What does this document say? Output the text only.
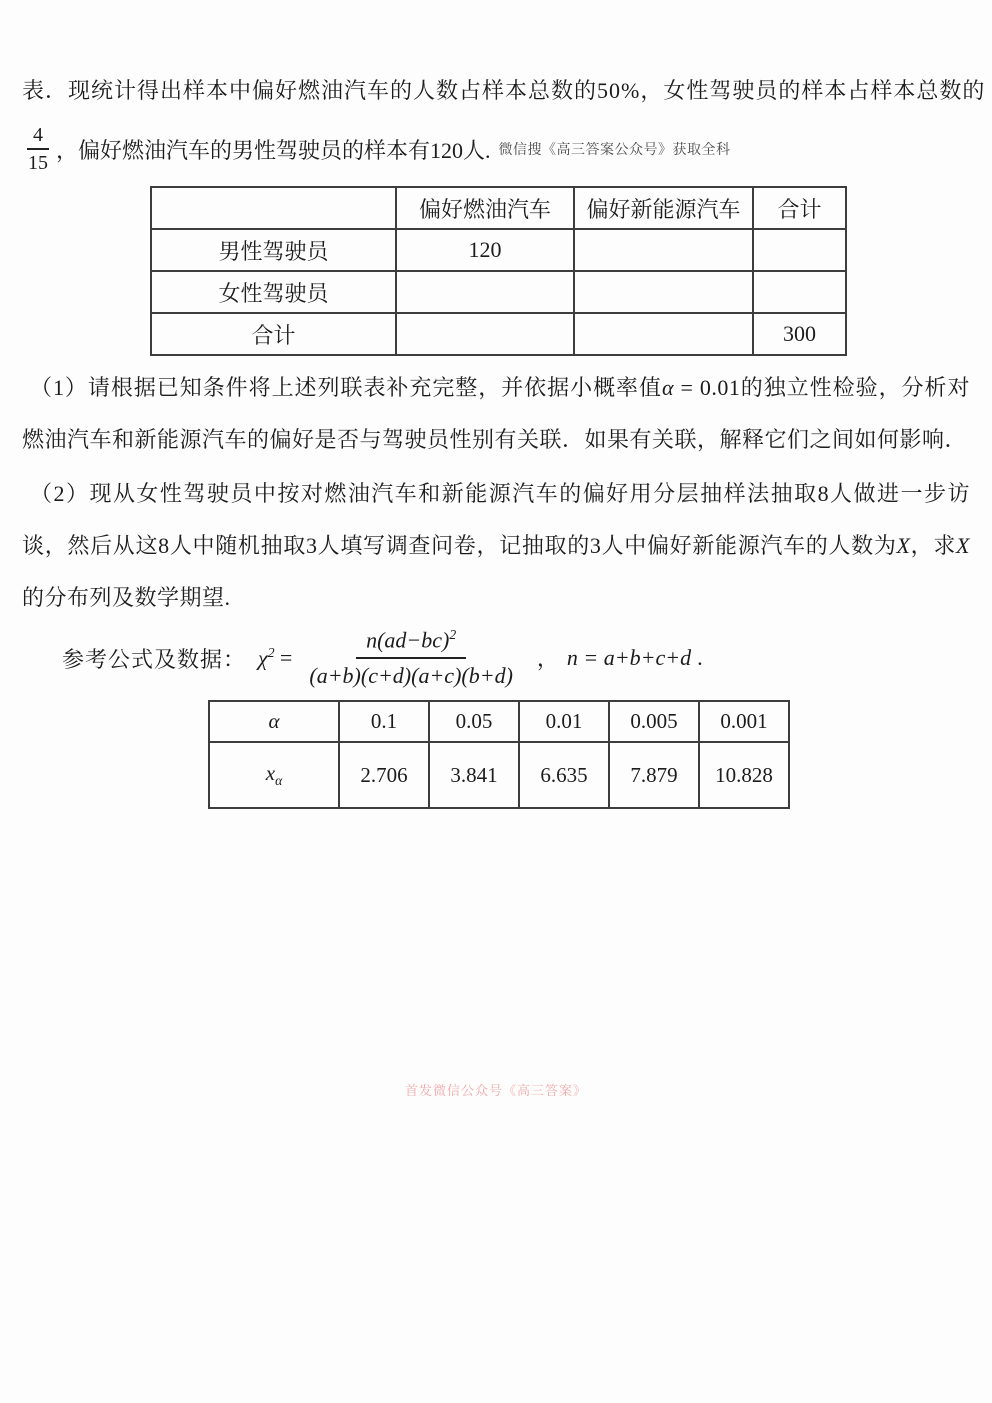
表．现统计得出样本中偏好燃油汽车的人数占样本总数的50%，女性驾驶员的样本占样本总数的
$\frac{4}{15}$ ，偏好燃油汽车的男性驾驶员的样本有120人. 微信搜《高三答案公众号》获取全科
	偏好燃油汽车	偏好新能源汽车	合计
男性驾驶员	120		
女性驾驶员			
合计			300
（1）请根据已知条件将上述列联表补充完整，并依据小概率值α = 0.01的独立性检验，分析对燃油汽车和新能源汽车的偏好是否与驾驶员性别有关联．如果有关联，解释它们之间如何影响．
（2）现从女性驾驶员中按对燃油汽车和新能源汽车的偏好用分层抽样法抽取8人做进一步访谈，然后从这8人中随机抽取3人填写调查问卷，记抽取的3人中偏好新能源汽车的人数为X，求X的分布列及数学期望.
参考公式及数据： $\chi^2 = \frac{n(ad-bc)^2}{(a+b)(c+d)(a+c)(b+d)}$ ， n = a+b+c+d .
α	0.1	0.05	0.01	0.005	0.001
$x_\alpha$	2.706	3.841	6.635	7.879	10.828
首发微信公众号《高三答案》
